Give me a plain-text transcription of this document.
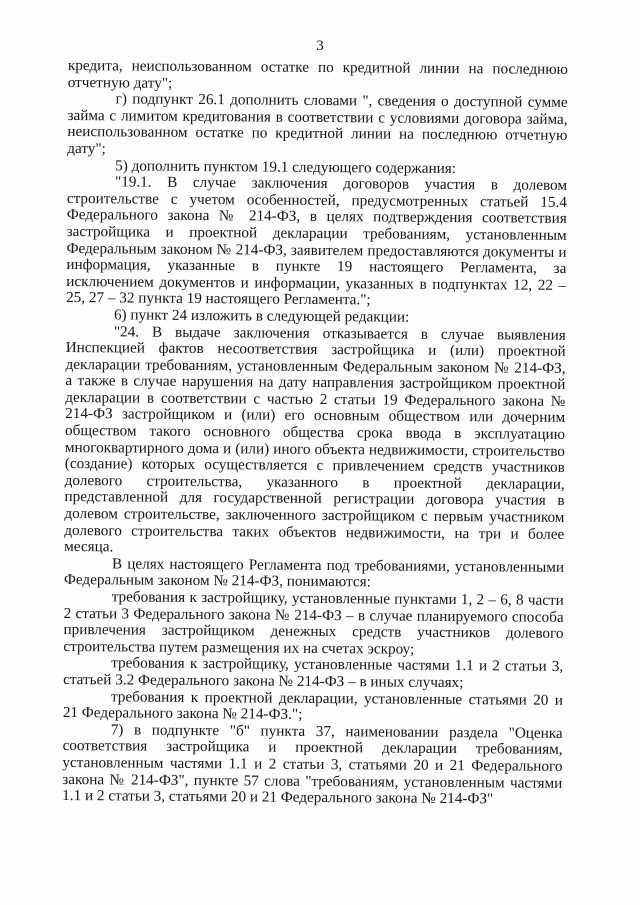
3

кредита, неиспользованном остатке по кредитной линии на последнюю отчетную дату";

г) подпункт 26.1 дополнить словами ", сведения о доступной сумме займа с лимитом кредитования в соответствии с условиями договора займа, неиспользованном остатке по кредитной линии на последнюю отчетную дату";

5) дополнить пунктом 19.1 следующего содержания:

"19.1. В случае заключения договоров участия в долевом строительстве с учетом особенностей, предусмотренных статьей 15.4 Федерального закона № 214-ФЗ, в целях подтверждения соответствия застройщика и проектной декларации требованиям, установленным Федеральным законом № 214-ФЗ, заявителем предоставляются документы и информация, указанные в пункте 19 настоящего Регламента, за исключением документов и информации, указанных в подпунктах 12, 22 – 25, 27 – 32 пункта 19 настоящего Регламента.";

6) пункт 24 изложить в следующей редакции:

"24. В выдаче заключения отказывается в случае выявления Инспекцией фактов несоответствия застройщика и (или) проектной декларации требованиям, установленным Федеральным законом № 214-ФЗ, а также в случае нарушения на дату направления застройщиком проектной декларации в соответствии с частью 2 статьи 19 Федерального закона № 214-ФЗ застройщиком и (или) его основным обществом или дочерним обществом такого основного общества срока ввода в эксплуатацию многоквартирного дома и (или) иного объекта недвижимости, строительство (создание) которых осуществляется с привлечением средств участников долевого строительства, указанного в проектной декларации, представленной для государственной регистрации договора участия в долевом строительстве, заключенного застройщиком с первым участником долевого строительства таких объектов недвижимости, на три и более месяца.

В целях настоящего Регламента под требованиями, установленными Федеральным законом № 214-ФЗ, понимаются:

требования к застройщику, установленные пунктами 1, 2 – 6, 8 части 2 статьи 3 Федерального закона № 214-ФЗ – в случае планируемого способа привлечения застройщиком денежных средств участников долевого строительства путем размещения их на счетах эскроу;

требования к застройщику, установленные частями 1.1 и 2 статьи 3, статьей 3.2 Федерального закона № 214-ФЗ – в иных случаях;

требования к проектной декларации, установленные статьями 20 и 21 Федерального закона № 214-ФЗ.";

7) в подпункте "б" пункта 37, наименовании раздела "Оценка соответствия застройщика и проектной декларации требованиям, установленным частями 1.1 и 2 статьи 3, статьями 20 и 21 Федерального закона № 214-ФЗ", пункте 57 слова "требованиям, установленным частями 1.1 и 2 статьи 3, статьями 20 и 21 Федерального закона № 214-ФЗ"
